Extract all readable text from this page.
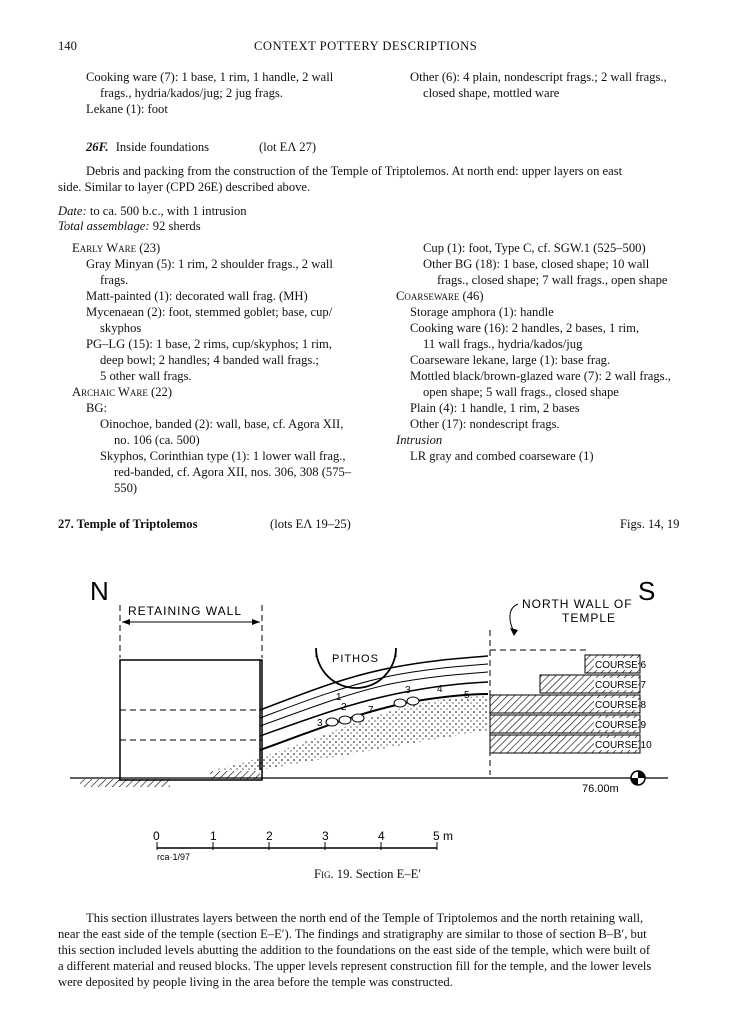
140	CONTEXT POTTERY DESCRIPTIONS
Cooking ware (7): 1 base, 1 rim, 1 handle, 2 wall
frags., hydria/kados/jug; 2 jug frags.
Lekane (1): foot
Other (6): 4 plain, nondescript frags.; 2 wall frags.,
closed shape, mottled ware
26F. Inside foundations	(lot EΛ 27)
Debris and packing from the construction of the Temple of Triptolemos. At north end: upper layers on east
side. Similar to layer (CPD 26E) described above.
Date: to ca. 500 b.c., with 1 intrusion
Total assemblage: 92 sherds
Early Ware (23)
Gray Minyan (5): 1 rim, 2 shoulder frags., 2 wall
frags.
Matt-painted (1): decorated wall frag. (MH)
Mycenaean (2): foot, stemmed goblet; base, cup/
skyphos
PG–LG (15): 1 base, 2 rims, cup/skyphos; 1 rim,
deep bowl; 2 handles; 4 banded wall frags.;
5 other wall frags.
Archaic Ware (22)
BG:
Oinochoe, banded (2): wall, base, cf. Agora XII,
no. 106 (ca. 500)
Skyphos, Corinthian type (1): 1 lower wall frag.,
red-banded, cf. Agora XII, nos. 306, 308 (575–
550)
Cup (1): foot, Type C, cf. SGW.1 (525–500)
Other BG (18): 1 base, closed shape; 10 wall
frags., closed shape; 7 wall frags., open shape
Coarseware (46)
Storage amphora (1): handle
Cooking ware (16): 2 handles, 2 bases, 1 rim,
11 wall frags., hydria/kados/jug
Coarseware lekane, large (1): base frag.
Mottled black/brown-glazed ware (7): 2 wall frags.,
open shape; 5 wall frags., closed shape
Plain (4): 1 handle, 1 rim, 2 bases
Other (17): nondescript frags.
Intrusion
LR gray and combed coarseware (1)
27. Temple of Triptolemos	(lots EΛ 19–25)	Figs. 14, 19
N	S
RETAINING WALL
PITHOS
1
2
3
3	4
5
7
NORTH WALL OF
TEMPLE
COURSE 6
COURSE 7
COURSE 8
COURSE 9
COURSE 10
76.00m
0	1	2	3	4	5 m
rca·1/97
Fig. 19. Section E–E′
This section illustrates layers between the north end of the Temple of Triptolemos and the north retaining wall,
near the east side of the temple (section E–E′). The findings and stratigraphy are similar to those of section B–B′, but
this section included levels abutting the addition to the foundations on the east side of the temple, which were built of
a different material and reused blocks. The upper levels represent construction fill for the temple, and the lower levels
were deposited by people living in the area before the temple was constructed.
